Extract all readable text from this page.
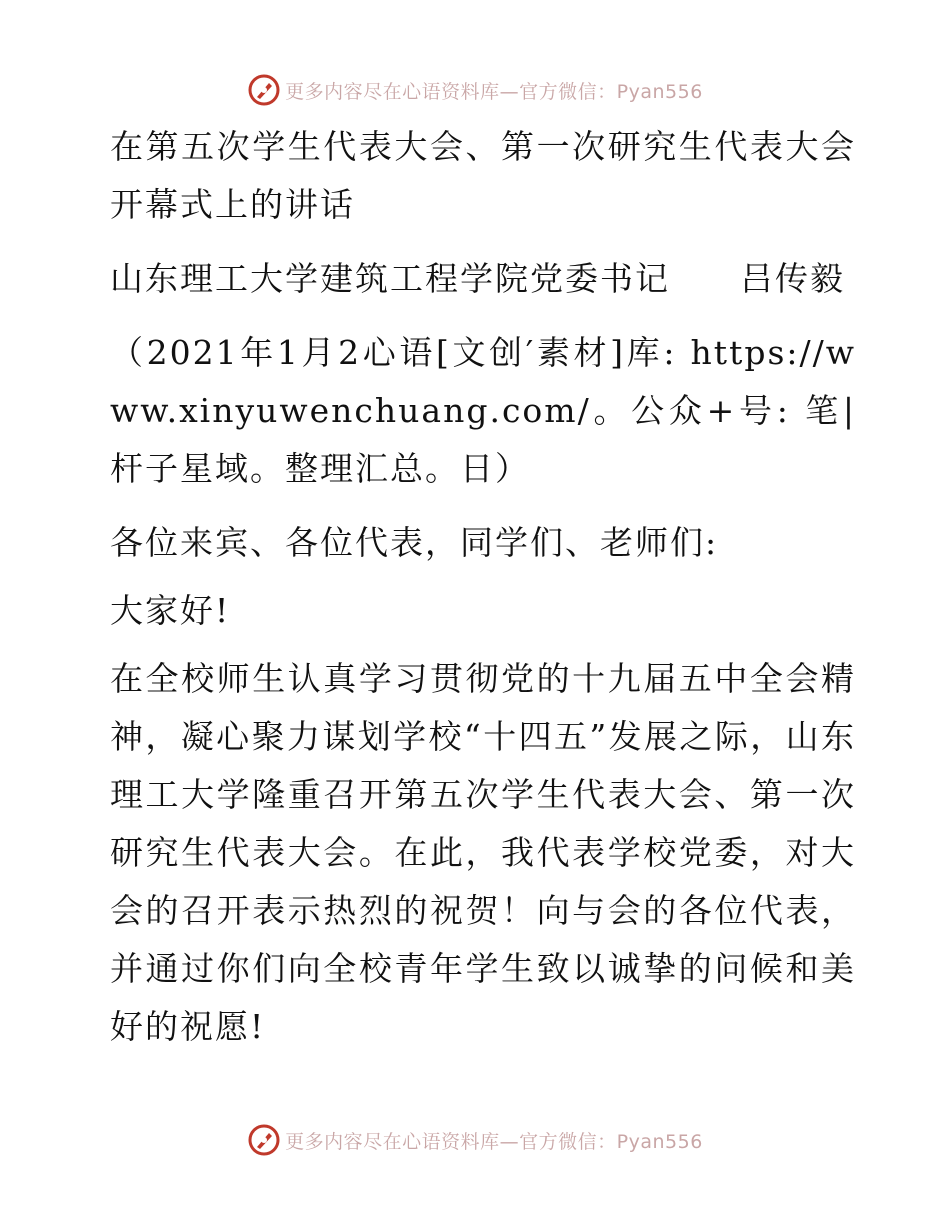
更多内容尽在心语资料库—官方微信：Pyan556

在第五次学生代表大会、第一次研究生代表大会开幕式上的讲话

山东理工大学建筑工程学院党委书记　　吕传毅

（2021年1月2心语[文创′素材]库: https://www.xinyuwenchuang.com/。公众+号: 笔|杆子星域。整理汇总。日）

各位来宾、各位代表，同学们、老师们:

大家好!

在全校师生认真学习贯彻党的十九届五中全会精神，凝心聚力谋划学校“十四五”发展之际，山东理工大学隆重召开第五次学生代表大会、第一次研究生代表大会。在此，我代表学校党委，对大会的召开表示热烈的祝贺！向与会的各位代表，并通过你们向全校青年学生致以诚挚的问候和美好的祝愿!

更多内容尽在心语资料库—官方微信：Pyan556
